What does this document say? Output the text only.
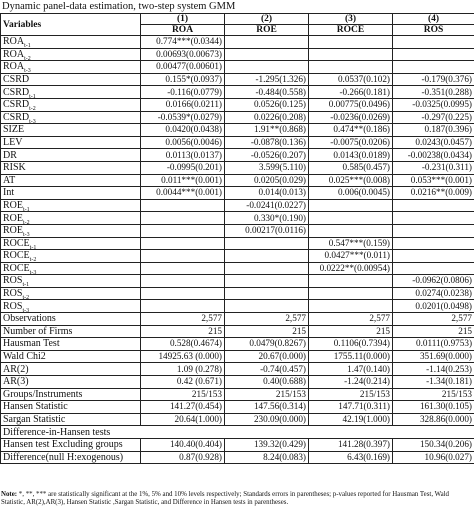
Dynamic panel-data estimation, two-step system GMM
Variables	(1)	(2)	(3)	(4)
	ROA	ROE	ROCE	ROS
$ROA_{t-1}$	0.774***(0.0344)			
$ROA_{t-2}$	0.00693(0.00673)			
$ROA_{t-3}$	0.00477(0.00601)			
CSRD	0.155*(0.0937)	-1.295(1.326)	0.0537(0.102)	-0.179(0.376)
$CSRD_{t-1}$	-0.116(0.0779)	-0.484(0.558)	-0.266(0.181)	-0.351(0.288)
$CSRD_{t-2}$	0.0166(0.0211)	0.0526(0.125)	0.00775(0.0496)	-0.0325(0.0995)
$CSRD_{t-3}$	-0.0539*(0.0279)	0.0226(0.208)	-0.0236(0.0269)	-0.297(0.225)
SIZE	0.0420(0.0438)	1.91**(0.868)	0.474**(0.186)	0.187(0.396)
LEV	0.0056(0.0046)	-0.0878(0.136)	-0.0075(0.0206)	0.0243(0.0457)
DR	0.0113(0.0137)	-0.0526(0.207)	0.0143(0.0189)	-0.00238(0.0434)
RISK	-0.0995(0.201)	3.599(5.110)	0.585(0.457)	-0.231(0.311)
AT	0.011***(0.001)	0.0205(0.029)	0.025***(0.008)	0.053***(0.001)
Int	0.0044***(0.001)	0.014(0.013)	0.006(0.0045)	0.0216**(0.009)
$ROE_{t-1}$		-0.0241(0.0227)		
$ROE_{t-2}$		0.330*(0.190)		
$ROE_{t-3}$		0.00217(0.0116)		
$ROCE_{t-1}$			0.547***(0.159)	
$ROCE_{t-2}$			0.0427***(0.011)	
$ROCE_{t-3}$			0.0222**(0.00954)	
$ROS_{t-1}$				-0.0962(0.0806)
$ROS_{t-2}$				0.0274(0.0238)
$ROS_{t-3}$				0.0201(0.0498)
Observations	2,577	2,577	2,577	2,577
Number of Firms	215	215	215	215
Hausman Test	0.528(0.4674)	0.0479(0.8267)	0.1106(0.7394)	0.0111(0.9753)
Wald Chi2	14925.63 (0.000)	20.67(0.000)	1755.11(0.000)	351.69(0.000)
AR(2)	1.09 (0.278)	-0.74(0.457)	1.47(0.140)	-1.14(0.253)
AR(3)	0.42 (0.671)	0.40(0.688)	-1.24(0.214)	-1.34(0.181)
Groups/Instruments	215/153	215/153	215/153	215/153
Hansen Statistic	141.27(0.454)	147.56(0.314)	147.71(0.311)	161.30(0.105)
Sargan Statistic	20.64(1.000)	230.09(0.000)	42.19(1.000)	328.86(0.000)
Difference-in-Hansen tests				
Hansen test Excluding groups	140.40(0.404)	139.32(0.429)	141.28(0.397)	150.34(0.206)
Difference(null H:exogenous)	0.87(0.928)	8.24(0.083)	6.43(0.169)	10.96(0.027)
Note: *, **, *** are statistically significant at the 1%, 5% and 10% levels respectively; Standards errors in parentheses; p-values reported for Hausman Test, Wald Statistic, AR(2),AR(3), Hansen Statistic ,Sargan Statistic, and Difference in Hansen tests in parentheses.
